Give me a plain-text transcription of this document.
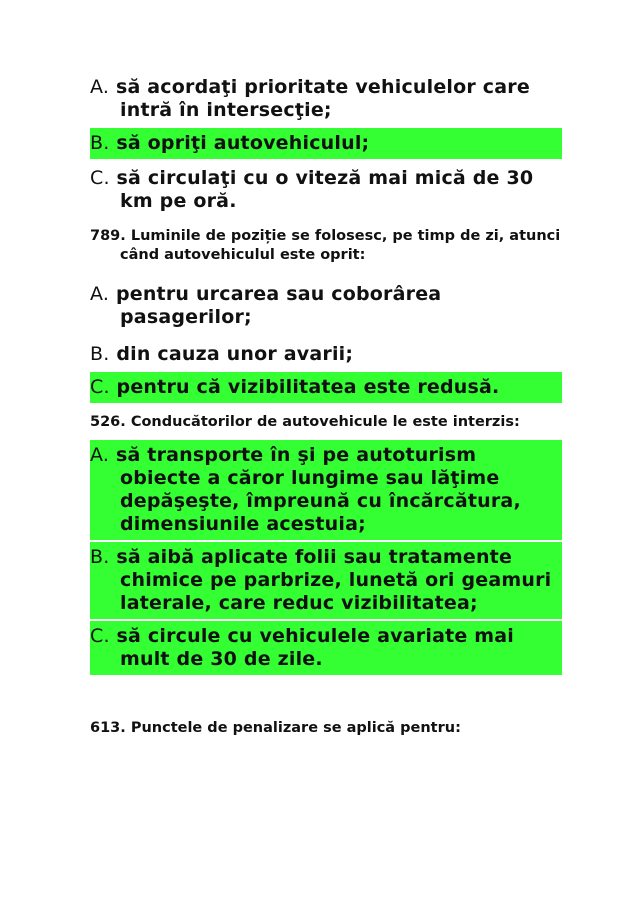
A. să acordaţi prioritate vehiculelor care intră în intersecţie;
B. să opriţi autovehiculul;
C. să circulaţi cu o viteză mai mică de 30 km pe oră.
789. Luminile de poziție se folosesc, pe timp de zi, atunci când autovehiculul este oprit:
A. pentru urcarea sau coborârea pasagerilor;
B. din cauza unor avarii;
C. pentru că vizibilitatea este redusă.
526. Conducătorilor de autovehicule le este interzis:
A. să transporte în şi pe autoturism obiecte a căror lungime sau lăţime depăşeşte, împreună cu încărcătura, dimensiunile acestuia;
B. să aibă aplicate folii sau tratamente chimice pe parbrize, lunetă ori geamuri laterale, care reduc vizibilitatea;
C. să circule cu vehiculele avariate mai mult de 30 de zile.
613. Punctele de penalizare se aplică pentru:
